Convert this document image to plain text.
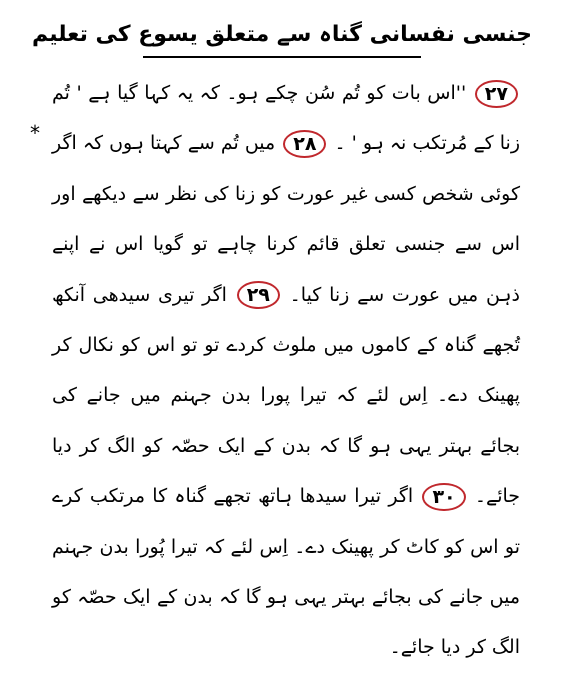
جنسی نفسانی گناہ سے متعلق یسوع کی تعلیم
*
۲۷ ''اس بات کو تُم سُن چکے ہو۔ کہ یہ کہا گیا ہے ' تُم زنا کے مُرتکب نہ ہو ' ۔ ۲۸ میں تُم سے کہتا ہوں کہ اگر کوئی شخص کسی غیر عورت کو زنا کی نظر سے دیکھے اور اس سے جنسی تعلق قائم کرنا چاہے تو گویا اس نے اپنے ذہن میں عورت سے زنا کیا۔ ۲۹ اگر تیری سیدھی آنکھ تُجھے گناہ کے کاموں میں ملوث کردے تو تو اس کو نکال کر پھینک دے۔ اِس لئے کہ تیرا پورا بدن جہنم میں جانے کی بجائے بہتر یہی ہو گا کہ بدن کے ایک حصّہ کو الگ کر دیا جائے۔ ۳۰ اگر تیرا سیدھا ہاتھ تجھے گناہ کا مرتکب کرے تو اس کو کاٹ کر پھینک دے۔ اِس لئے کہ تیرا پُورا بدن جہنم میں جانے کی بجائے بہتر یہی ہو گا کہ بدن کے ایک حصّہ کو الگ کر دیا جائے۔
